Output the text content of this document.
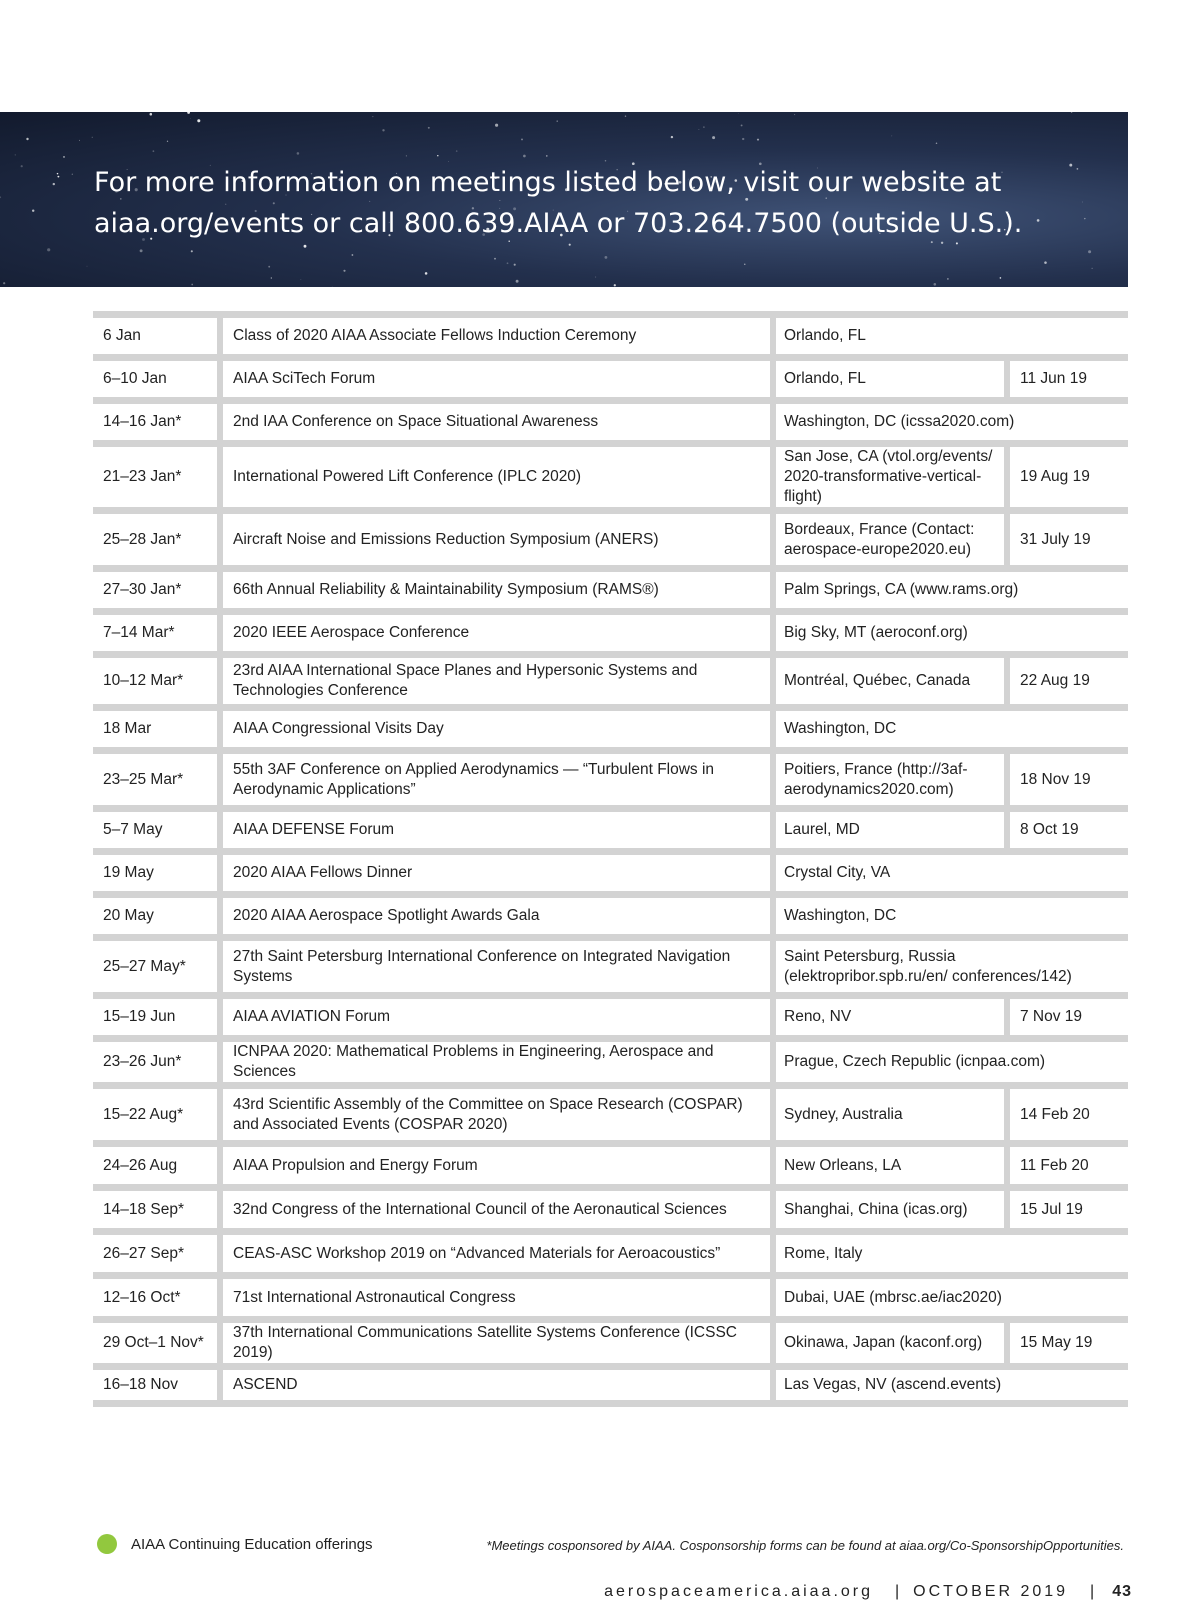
For more information on meetings listed below, visit our website at
aiaa.org/events or call 800.639.AIAA or 703.264.7500 (outside U.S.).
6 Jan	Class of 2020 AIAA Associate Fellows Induction Ceremony	Orlando, FL	
6–10 Jan	AIAA SciTech Forum	Orlando, FL	11 Jun 19
14–16 Jan*	2nd IAA Conference on Space Situational Awareness	Washington, DC (icssa2020.com)	
21–23 Jan*	International Powered Lift Conference (IPLC 2020)	San Jose, CA (vtol.org/events/ 2020-transformative-vertical-flight)	19 Aug 19
25–28 Jan*	Aircraft Noise and Emissions Reduction Symposium (ANERS)	Bordeaux, France (Contact: aerospace-europe2020.eu)	31 July 19
27–30 Jan*	66th Annual Reliability & Maintainability Symposium (RAMS®)	Palm Springs, CA (www.rams.org)	
7–14 Mar*	2020 IEEE Aerospace Conference	Big Sky, MT (aeroconf.org)	
10–12 Mar*	23rd AIAA International Space Planes and Hypersonic Systems and Technologies Conference	Montréal, Québec, Canada	22 Aug 19
18 Mar	AIAA Congressional Visits Day	Washington, DC	
23–25 Mar*	55th 3AF Conference on Applied Aerodynamics — “Turbulent Flows in Aerodynamic Applications”	Poitiers, France (http://3af-aerodynamics2020.com)	18 Nov 19
5–7 May	AIAA DEFENSE Forum	Laurel, MD	8 Oct 19
19 May	2020 AIAA Fellows Dinner	Crystal City, VA	
20 May	2020 AIAA Aerospace Spotlight Awards Gala	Washington, DC	
25–27 May*	27th Saint Petersburg International Conference on Integrated Navigation Systems	Saint Petersburg, Russia (elektropribor.spb.ru/en/ conferences/142)	
15–19 Jun	AIAA AVIATION Forum	Reno, NV	7 Nov 19
23–26 Jun*	ICNPAA 2020: Mathematical Problems in Engineering, Aerospace and Sciences	Prague, Czech Republic (icnpaa.com)	
15–22 Aug*	43rd Scientific Assembly of the Committee on Space Research (COSPAR) and Associated Events (COSPAR 2020)	Sydney, Australia	14 Feb 20
24–26 Aug	AIAA Propulsion and Energy Forum	New Orleans, LA	11 Feb 20
14–18 Sep*	32nd Congress of the International Council of the Aeronautical Sciences	Shanghai, China (icas.org)	15 Jul 19
26–27 Sep*	CEAS-ASC Workshop 2019 on “Advanced Materials for Aeroacoustics”	Rome, Italy	
12–16 Oct*	71st International Astronautical Congress	Dubai, UAE (mbrsc.ae/iac2020)	
29 Oct–1 Nov*	37th International Communications Satellite Systems Conference (ICSSC 2019)	Okinawa, Japan (kaconf.org)	15 May 19
16–18 Nov	ASCEND	Las Vegas, NV (ascend.events)	
AIAA Continuing Education offerings	*Meetings cosponsored by AIAA. Cosponsorship forms can be found at aiaa.org/Co-SponsorshipOpportunities.
aerospaceamerica.aiaa.org | OCTOBER 2019 | 43
